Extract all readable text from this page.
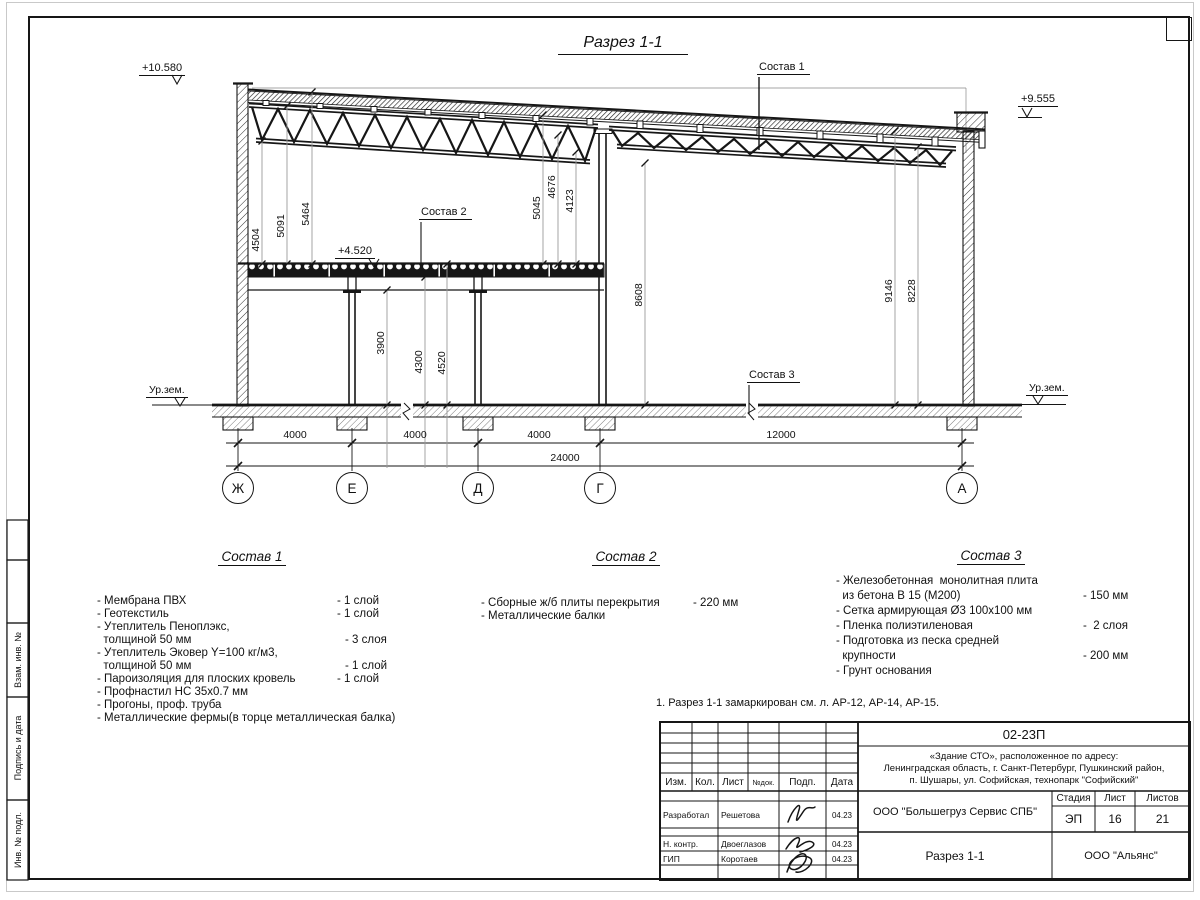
Разрез 1-1
+10.580
+9.555
+4.520
Ур.зем.	Ур.зем.
Состав 1
Состав 2
Состав 3
4000	4000	4000	12000
24000
4504
5091
5464	5045
4676
4123
3900
4300 4520
8608	9146 8228
Ж	Е	Д	Г	А
Состав 1
- Мембрана ПВХ	- 1 слой
- Геотекстиль	- 1 слой
- Утеплитель Пеноплэкс,
толщиной 50 мм	- 3 слоя
- Утеплитель Эковер Y=100 кг/м3,
толщиной 50 мм	- 1 слой
- Пароизоляция для плоских кровель	- 1 слой
- Профнастил НС 35х0.7 мм
- Прогоны, проф. труба
- Металлические фермы(в торце металлическая балка)
Состав 2
- Сборные ж/б плиты перекрытия	- 220 мм
- Металлические балки
Состав 3
- Железобетонная  монолитная плита
из бетона В 15 (М200)	- 150 мм
- Сетка армирующая Ø3 100х100 мм
- Пленка полиэтиленовая	-  2 слоя
- Подготовка из песка средней
крупности	- 200 мм
- Грунт основания
1. Разрез 1-1 замаркирован см. л. АР-12, АР-14, АР-15.
Взам. инв. №
Подпись и дата
Инв. № подл.
02-23П
«Здание СТО», расположенное по адресу:
Ленинградская область, г. Санкт-Петербург, Пушкинский район,
п. Шушары, ул. Софийская, технопарк "Софийский"
Изм. Кол. Лист	№док.	Подп.	Дата
Разработал Решетова	04.23
Н. контр.	Двоеглазов	04.23
ГИП	Коротаев	04.23
ООО "Большегруз Сервис СПБ"
Стадия	Лист	Листов
ЭП	16	21
Разрез 1-1	ООО "Альянс"
